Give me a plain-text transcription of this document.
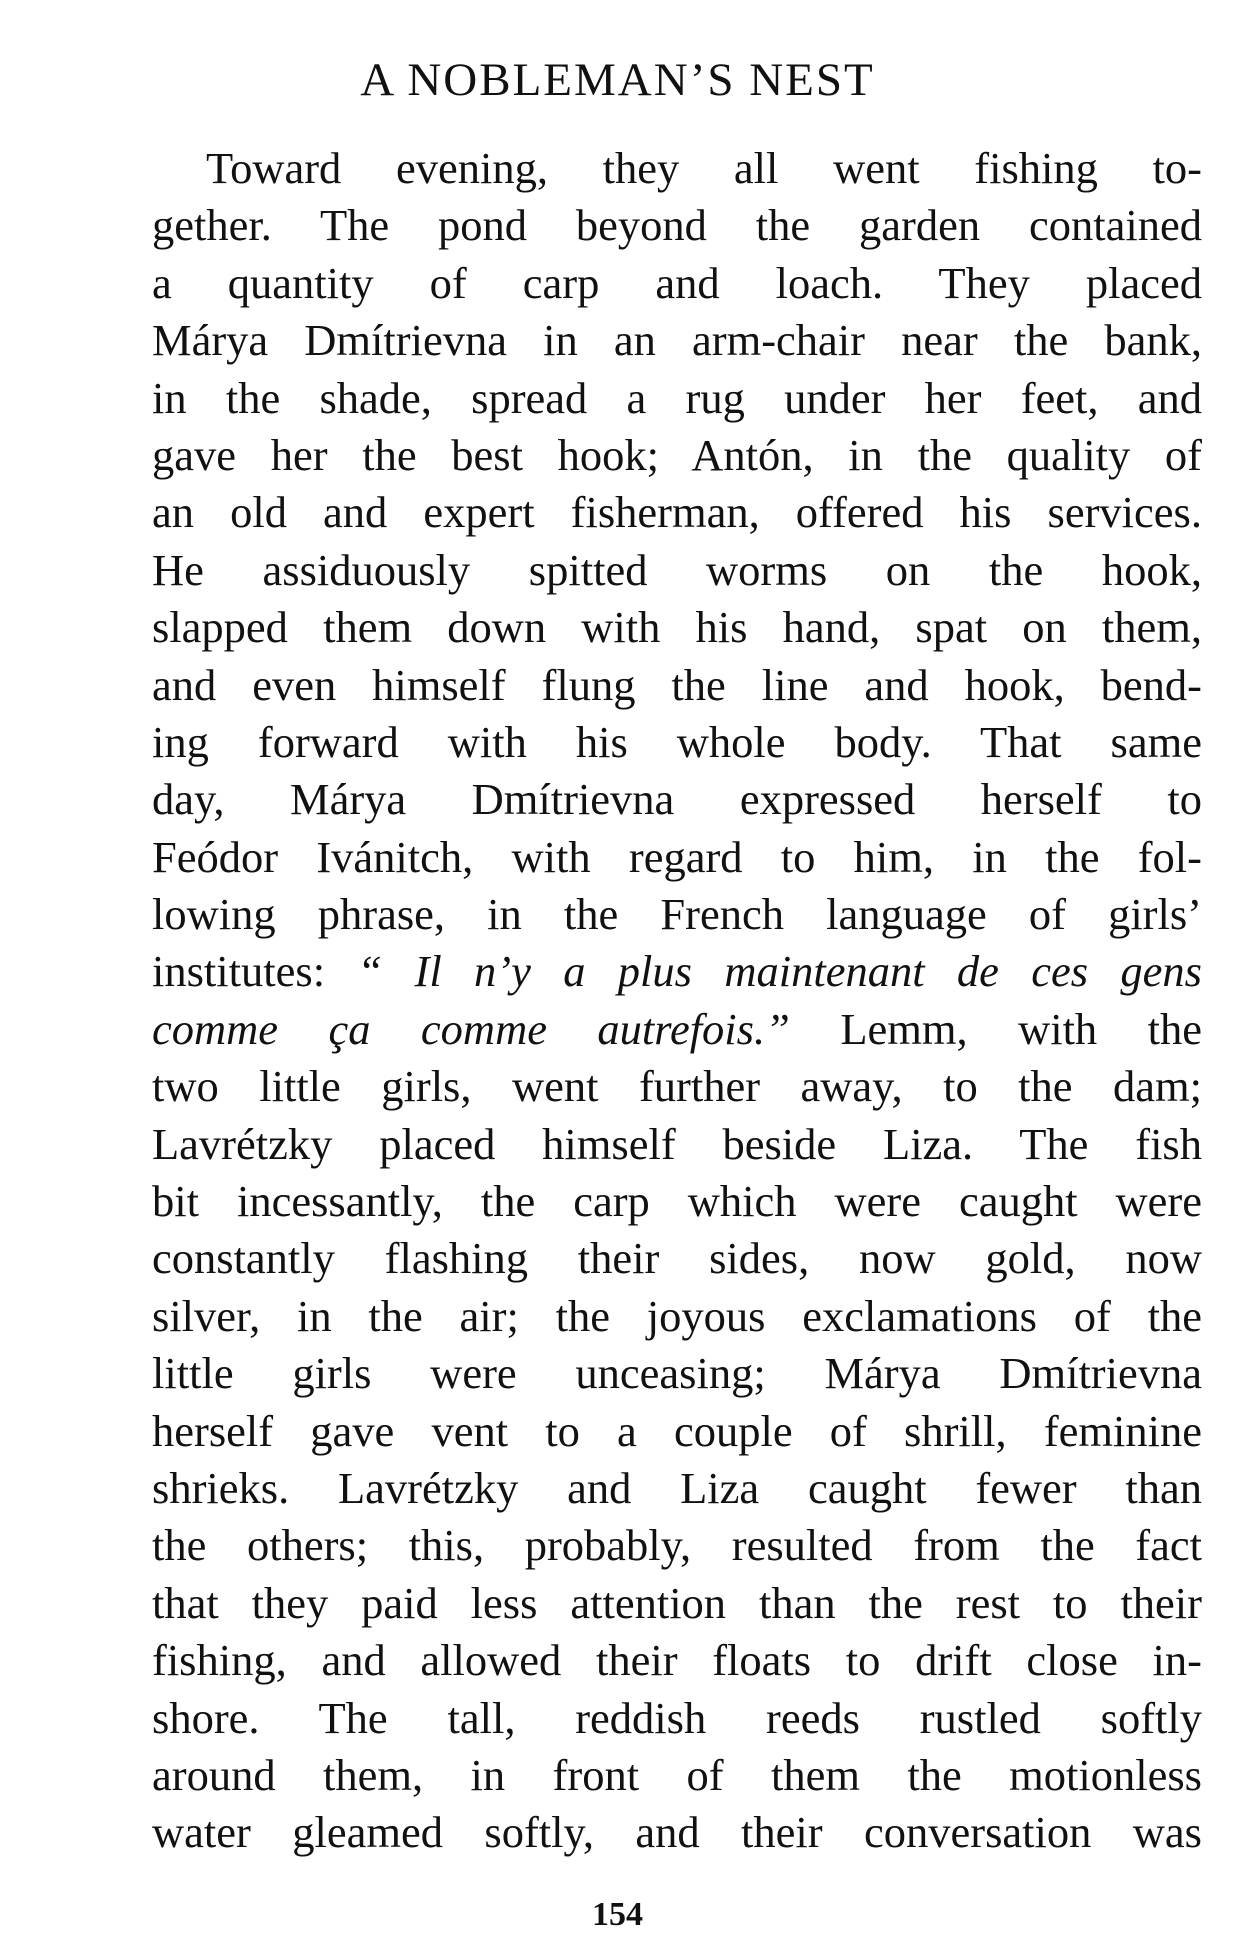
A NOBLEMAN’S NEST
Toward evening, they all went fishing to-
gether. The pond beyond the garden contained
a quantity of carp and loach. They placed
Márya Dmítrievna in an arm-chair near the bank,
in the shade, spread a rug under her feet, and
gave her the best hook; Antón, in the quality of
an old and expert fisherman, offered his services.
He assiduously spitted worms on the hook,
slapped them down with his hand, spat on them,
and even himself flung the line and hook, bend-
ing forward with his whole body. That same
day, Márya Dmítrievna expressed herself to
Feódor Ivánitch, with regard to him, in the fol-
lowing phrase, in the French language of girls’
institutes: “ Il n’y a plus maintenant de ces gens
comme ça comme autrefois.” Lemm, with the
two little girls, went further away, to the dam;
Lavrétzky placed himself beside Liza. The fish
bit incessantly, the carp which were caught were
constantly flashing their sides, now gold, now
silver, in the air; the joyous exclamations of the
little girls were unceasing; Márya Dmítrievna
herself gave vent to a couple of shrill, feminine
shrieks. Lavrétzky and Liza caught fewer than
the others; this, probably, resulted from the fact
that they paid less attention than the rest to their
fishing, and allowed their floats to drift close in-
shore. The tall, reddish reeds rustled softly
around them, in front of them the motionless
water gleamed softly, and their conversation was
154
